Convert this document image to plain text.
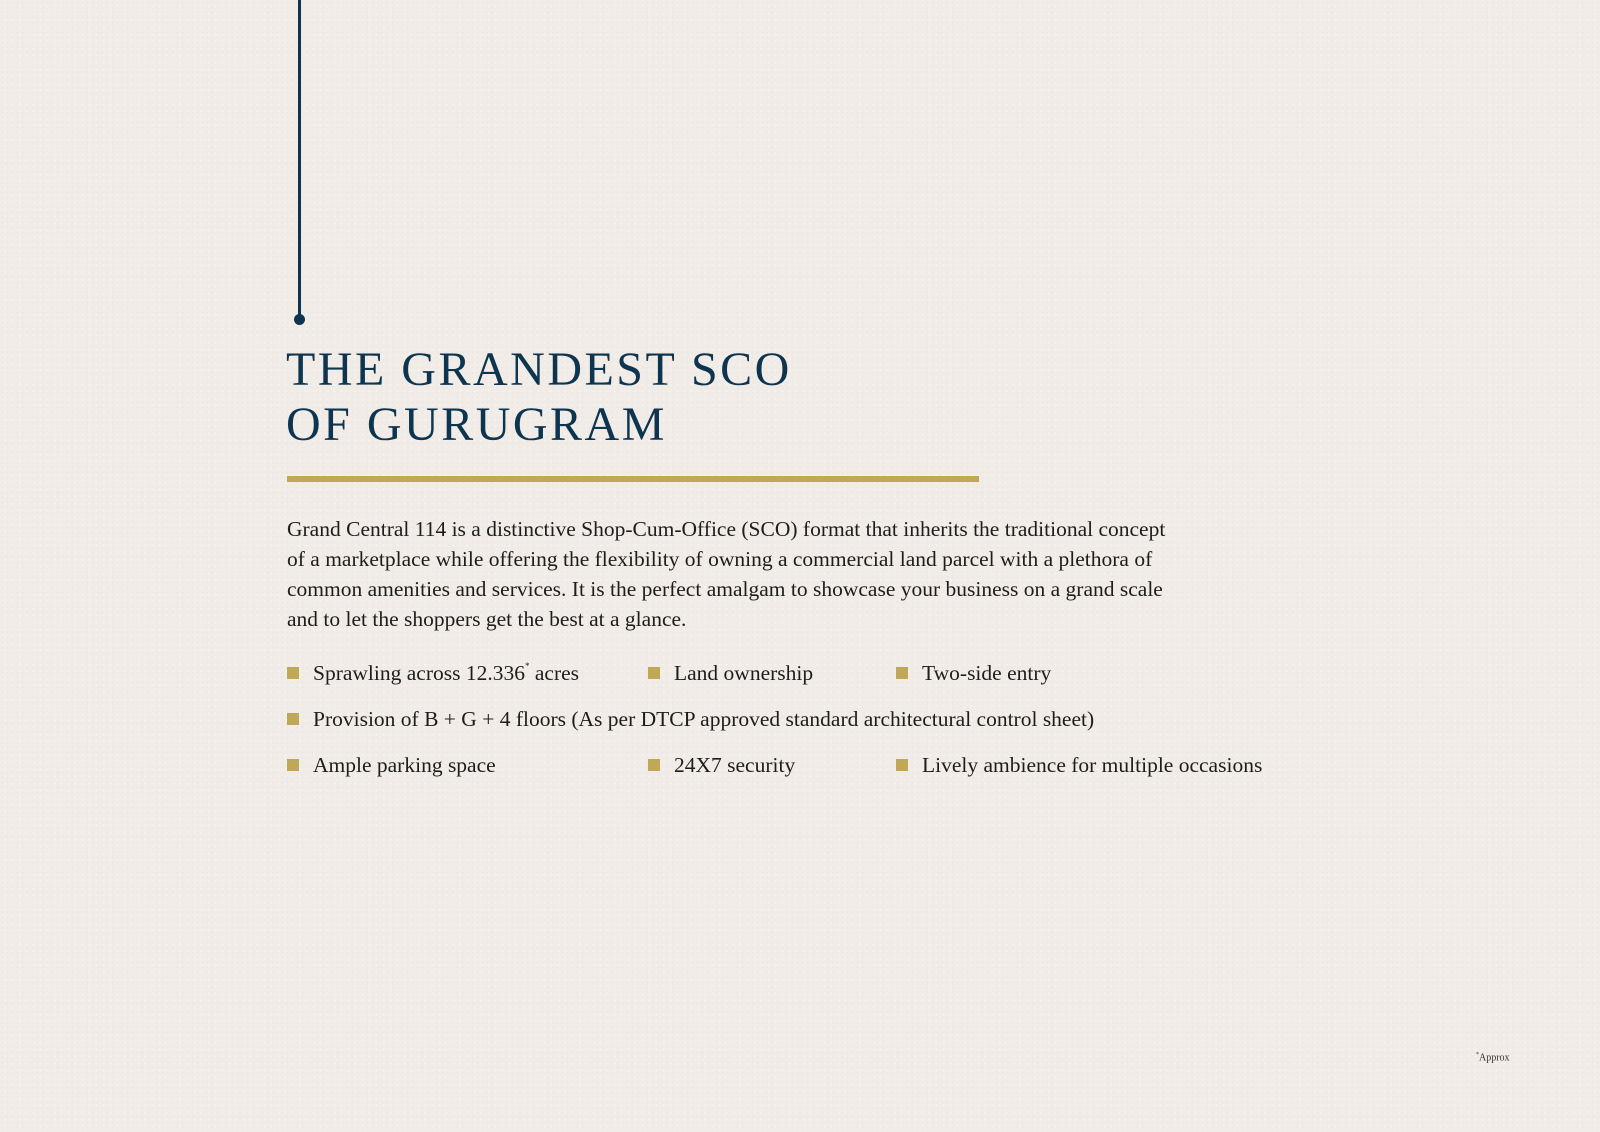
THE GRANDEST SCO
OF GURUGRAM

Grand Central 114 is a distinctive Shop-Cum-Office (SCO) format that inherits the traditional concept of a marketplace while offering the flexibility of owning a commercial land parcel with a plethora of common amenities and services. It is the perfect amalgam to showcase your business on a grand scale and to let the shoppers get the best at a glance.

Sprawling across 12.336* acres	Land ownership	Two-side entry
Provision of B + G + 4 floors (As per DTCP approved standard architectural control sheet)
Ample parking space	24X7 security	Lively ambience for multiple occasions
*Approx
